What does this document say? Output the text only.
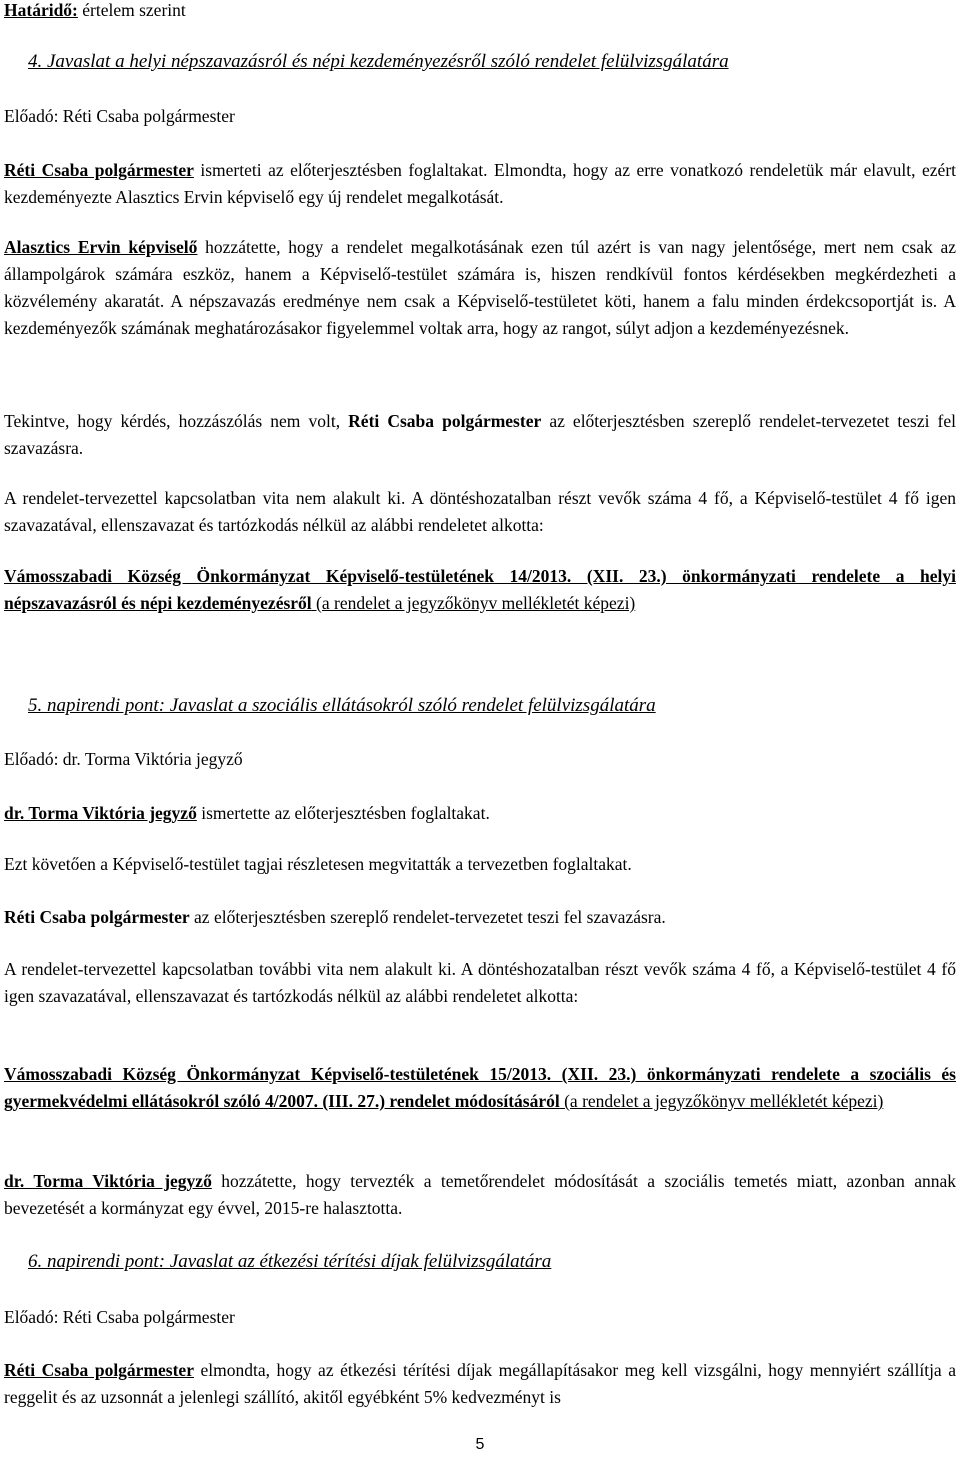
Határidő: értelem szerint

4. Javaslat a helyi népszavazásról és népi kezdeményezésről szóló rendelet felülvizsgálatára

Előadó: Réti Csaba polgármester

Réti Csaba polgármester ismerteti az előterjesztésben foglaltakat. Elmondta, hogy az erre vonatkozó rendeletük már elavult, ezért kezdeményezte Alasztics Ervin képviselő egy új rendelet megalkotását.

Alasztics Ervin képviselő hozzátette, hogy a rendelet megalkotásának ezen túl azért is van nagy jelentősége, mert nem csak az állampolgárok számára eszköz, hanem a Képviselő-testület számára is, hiszen rendkívül fontos kérdésekben megkérdezheti a közvélemény akaratát. A népszavazás eredménye nem csak a Képviselő-testületet köti, hanem a falu minden érdekcsoportját is. A kezdeményezők számának meghatározásakor figyelemmel voltak arra, hogy az rangot, súlyt adjon a kezdeményezésnek.

Tekintve, hogy kérdés, hozzászólás nem volt, Réti Csaba polgármester az előterjesztésben szereplő rendelet-tervezetet teszi fel szavazásra.

A rendelet-tervezettel kapcsolatban vita nem alakult ki. A döntéshozatalban részt vevők száma 4 fő, a Képviselő-testület 4 fő igen szavazatával, ellenszavazat és tartózkodás nélkül az alábbi rendeletet alkotta:

Vámosszabadi Község Önkormányzat Képviselő-testületének 14/2013. (XII. 23.) önkormányzati rendelete a helyi népszavazásról és népi kezdeményezésről (a rendelet a jegyzőkönyv mellékletét képezi)

5. napirendi pont: Javaslat a szociális ellátásokról szóló rendelet felülvizsgálatára

Előadó: dr. Torma Viktória jegyző

dr. Torma Viktória jegyző ismertette az előterjesztésben foglaltakat.

Ezt követően a Képviselő-testület tagjai részletesen megvitatták a tervezetben foglaltakat.

Réti Csaba polgármester az előterjesztésben szereplő rendelet-tervezetet teszi fel szavazásra.

A rendelet-tervezettel kapcsolatban további vita nem alakult ki. A döntéshozatalban részt vevők száma 4 fő, a Képviselő-testület 4 fő igen szavazatával, ellenszavazat és tartózkodás nélkül az alábbi rendeletet alkotta:

Vámosszabadi Község Önkormányzat Képviselő-testületének 15/2013. (XII. 23.) önkormányzati rendelete a szociális és gyermekvédelmi ellátásokról szóló 4/2007. (III. 27.) rendelet módosításáról (a rendelet a jegyzőkönyv mellékletét képezi)

dr. Torma Viktória jegyző hozzátette, hogy tervezték a temetőrendelet módosítását a szociális temetés miatt, azonban annak bevezetését a kormányzat egy évvel, 2015-re halasztotta.

6. napirendi pont: Javaslat az étkezési térítési díjak felülvizsgálatára

Előadó: Réti Csaba polgármester

Réti Csaba polgármester elmondta, hogy az étkezési térítési díjak megállapításakor meg kell vizsgálni, hogy mennyiért szállítja a reggelit és az uzsonnát a jelenlegi szállító, akitől egyébként 5% kedvezményt is

5
